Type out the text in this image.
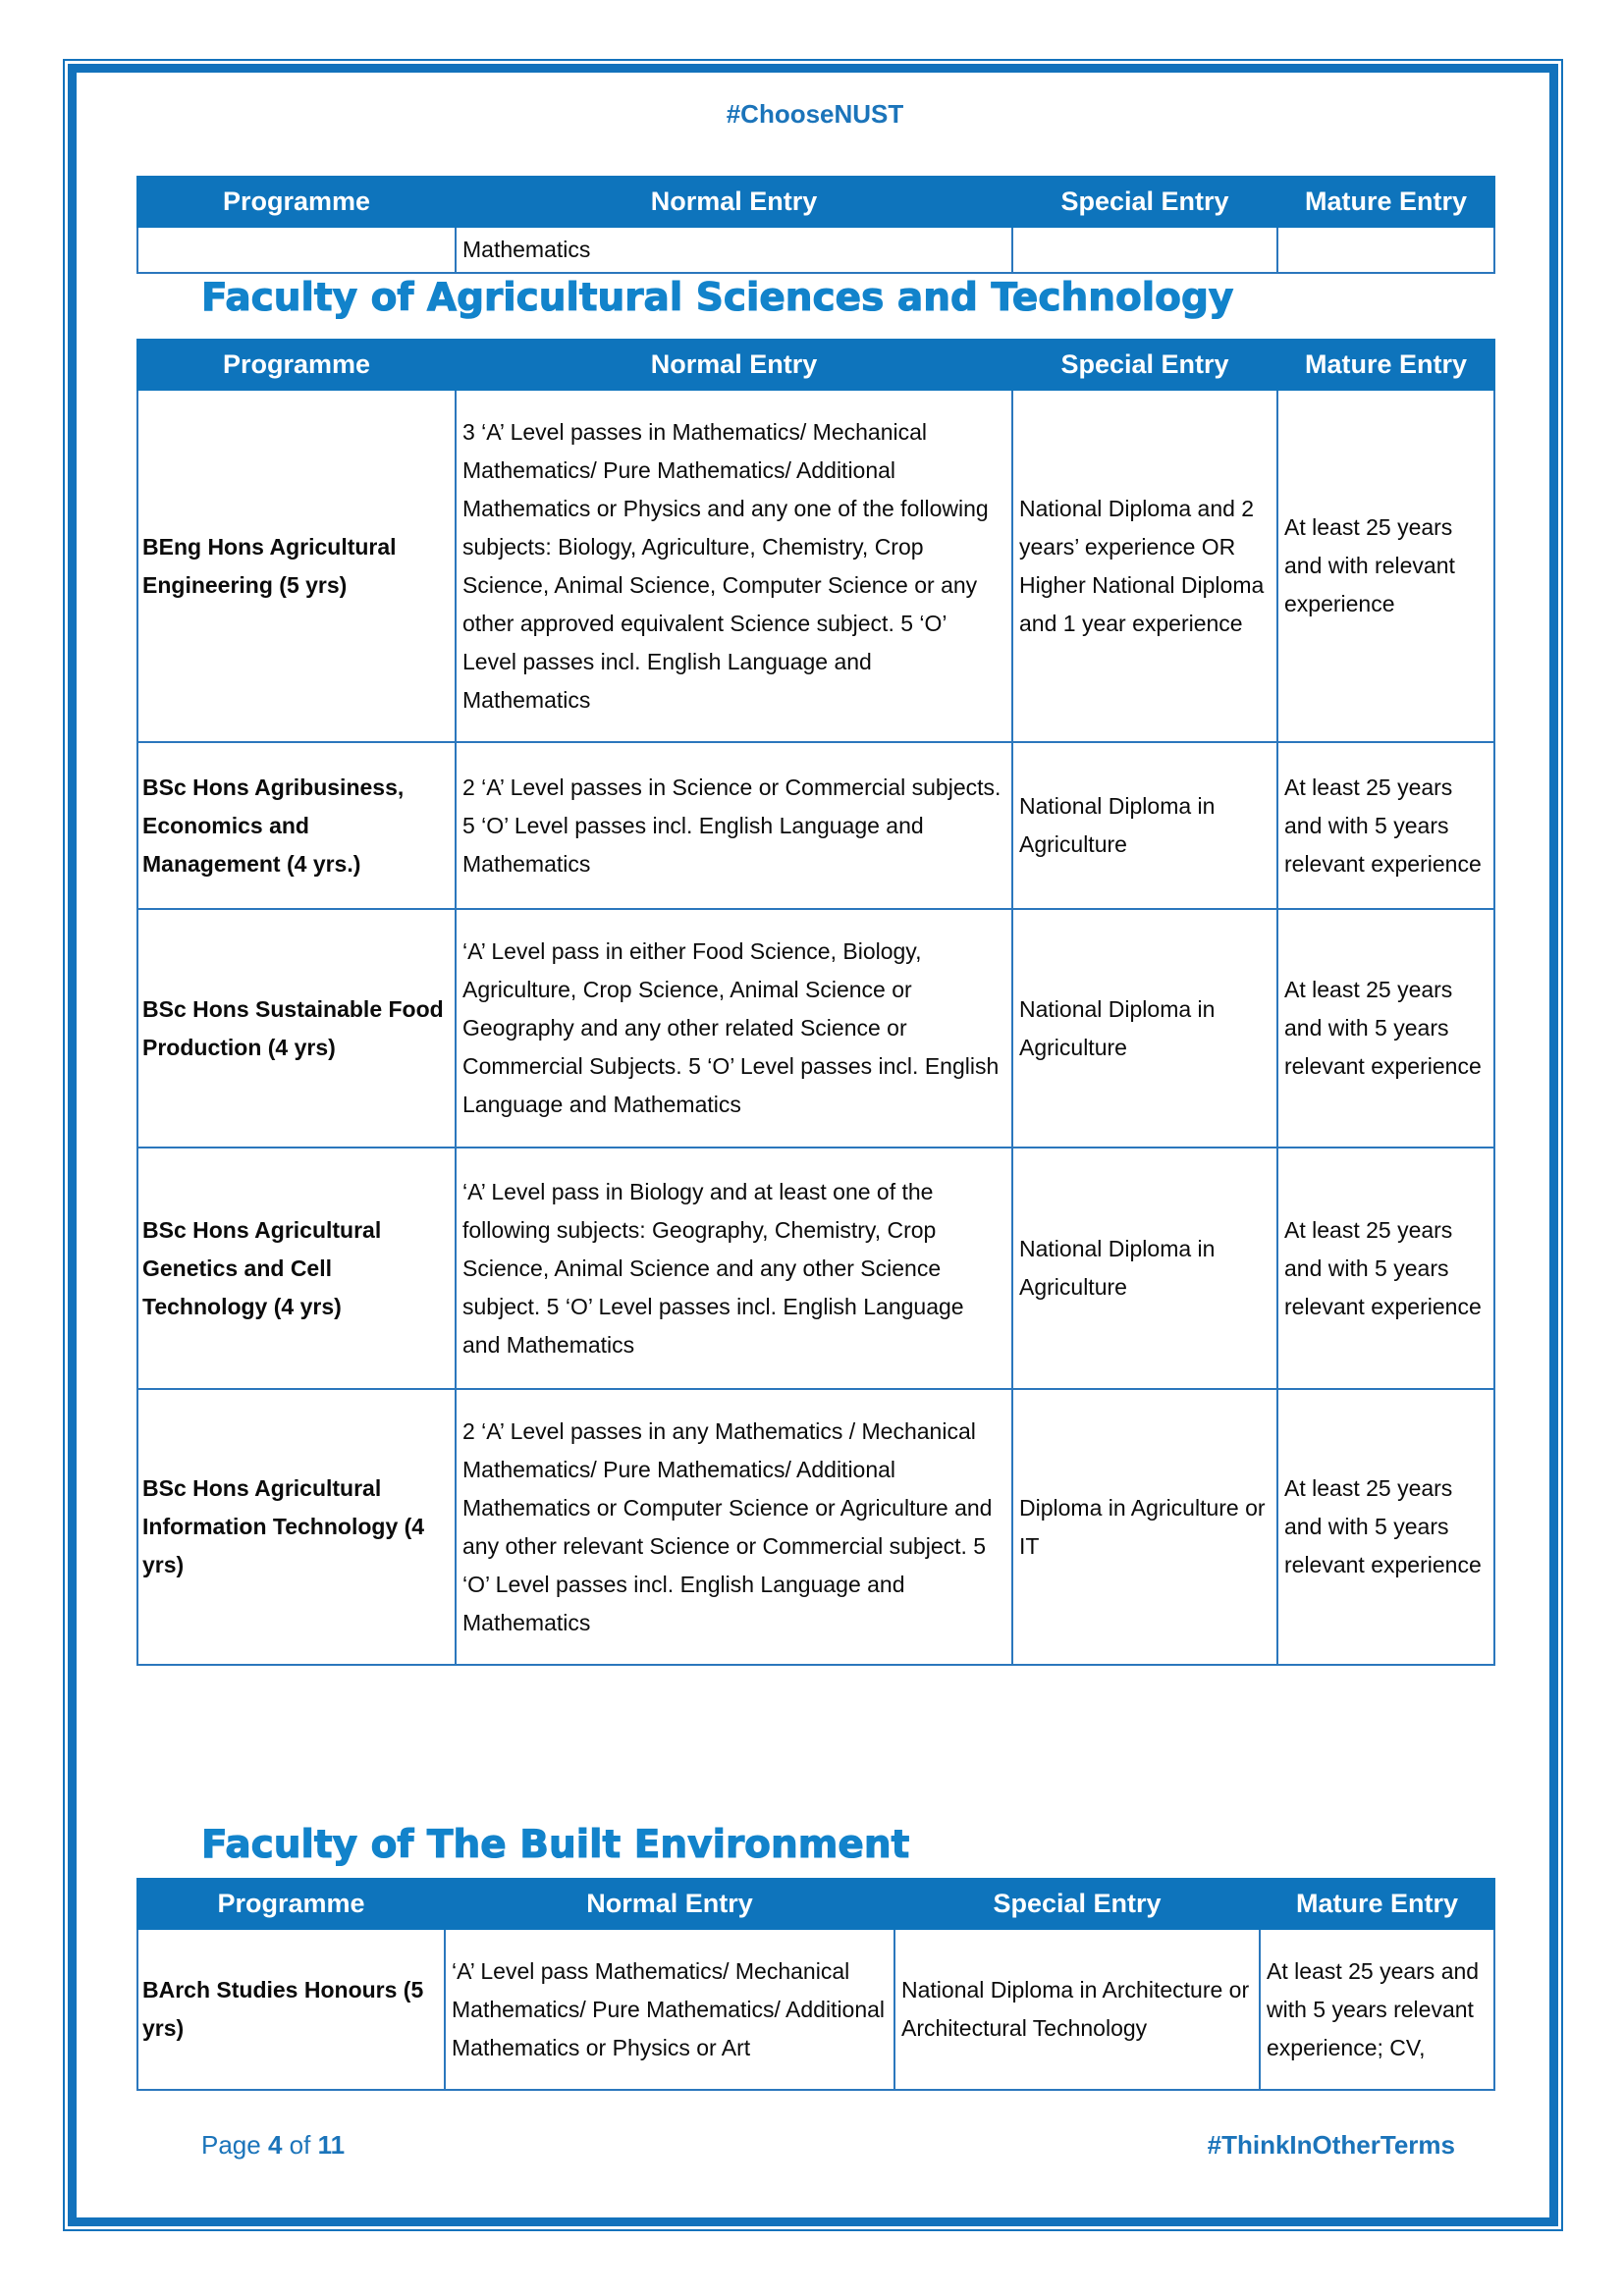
#ChooseNUST
Programme	Normal Entry	Special Entry	Mature Entry
	Mathematics		
Faculty of Agricultural Sciences and Technology
Programme	Normal Entry	Special Entry	Mature Entry
BEng Hons Agricultural Engineering (5 yrs)	3 ‘A’ Level passes in Mathematics/ Mechanical Mathematics/ Pure Mathematics/ Additional Mathematics or Physics and any one of the following subjects: Biology, Agriculture, Chemistry, Crop Science, Animal Science, Computer Science or any other approved equivalent Science subject. 5 ‘O’ Level passes incl. English Language and Mathematics	National Diploma and 2 years’ experience OR Higher National Diploma and 1 year experience	At least 25 years and with relevant experience
BSc Hons Agribusiness, Economics and Management (4 yrs.)	2 ‘A’ Level passes in Science or Commercial subjects. 5 ‘O’ Level passes incl. English Language and Mathematics	National Diploma in Agriculture	At least 25 years and with 5 years relevant experience
BSc Hons Sustainable Food Production (4 yrs)	‘A’ Level pass in either Food Science, Biology, Agriculture, Crop Science, Animal Science or Geography and any other related Science or Commercial Subjects. 5 ‘O’ Level passes incl. English Language and Mathematics	National Diploma in Agriculture	At least 25 years and with 5 years relevant experience
BSc Hons Agricultural Genetics and Cell Technology (4 yrs)	‘A’ Level pass in Biology and at least one of the following subjects: Geography, Chemistry, Crop Science, Animal Science and any other Science subject. 5 ‘O’ Level passes incl. English Language and Mathematics	National Diploma in Agriculture	At least 25 years and with 5 years relevant experience
BSc Hons Agricultural Information Technology (4 yrs)	2 ‘A’ Level passes in any Mathematics / Mechanical Mathematics/ Pure Mathematics/ Additional Mathematics or Computer Science or Agriculture and any other relevant Science or Commercial subject. 5 ‘O’ Level passes incl. English Language and Mathematics	Diploma in Agriculture or IT	At least 25 years and with 5 years relevant experience
Faculty of The Built Environment
Programme	Normal Entry	Special Entry	Mature Entry
BArch Studies Honours (5 yrs)	‘A’ Level pass Mathematics/ Mechanical Mathematics/ Pure Mathematics/ Additional Mathematics or Physics or Art	National Diploma in Architecture or Architectural Technology	At least 25 years and with 5 years relevant experience; CV,
Page 4 of 11	#ThinkInOtherTerms
